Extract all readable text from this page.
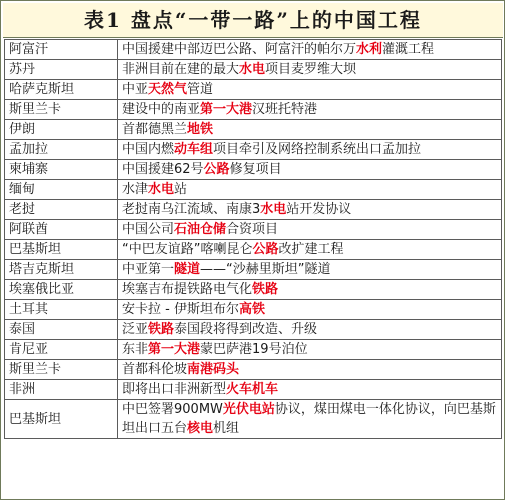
表1 盘点“一带一路”上的中国工程
阿富汗	中国援建中部迈巴公路、阿富汗的帕尔万水利灌溉工程
苏丹	非洲目前在建的最大水电项目麦罗维大坝
哈萨克斯坦	中亚天然气管道
斯里兰卡	建设中的南亚第一大港汉班托特港
伊朗	首都德黑兰地铁
孟加拉	中国内燃动车组项目牵引及网络控制系统出口孟加拉
柬埔寨	中国援建62号公路修复项目
缅甸	水津水电站
老挝	老挝南乌江流域、南康3水电站开发协议
阿联酋	中国公司石油仓储合资项目
巴基斯坦	“中巴友谊路”喀喇昆仑公路改扩建工程
塔吉克斯坦	中亚第一隧道——“沙赫里斯坦”隧道
埃塞俄比亚	埃塞吉布提铁路电气化铁路
土耳其	安卡拉 - 伊斯坦布尔高铁
泰国	泛亚铁路泰国段将得到改造、升级
肯尼亚	东非第一大港蒙巴萨港19号泊位
斯里兰卡	首都科伦坡南港码头
非洲	即将出口非洲新型火车机车
巴基斯坦	中巴签署900MW光伏电站协议，煤田煤电一体化协议，向巴基斯坦出口五台核电机组
